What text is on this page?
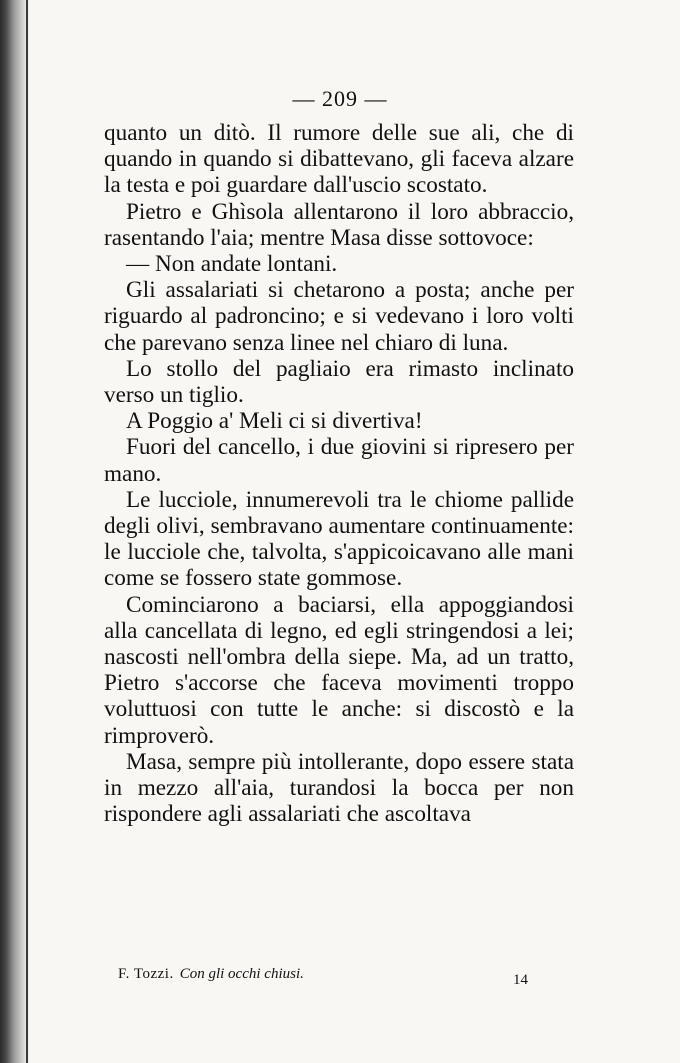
— 209 —

quanto un ditò. Il rumore delle sue ali, che di quando in quando si dibattevano, gli faceva alzare la testa e poi guardare dall'uscio scostato.

Pietro e Ghìsola allentarono il loro abbraccio, rasentando l'aia; mentre Masa disse sottovoce:

— Non andate lontani.

Gli assalariati si chetarono a posta; anche per riguardo al padroncino; e si vedevano i loro volti che parevano senza linee nel chiaro di luna.

Lo stollo del pagliaio era rimasto inclinato verso un tiglio.

A Poggio a' Meli ci si divertiva!

Fuori del cancello, i due giovini si ripresero per mano.

Le lucciole, innumerevoli tra le chiome pallide degli olivi, sembravano aumentare continuamente: le lucciole che, talvolta, s'appicoicavano alle mani come se fossero state gommose.

Cominciarono a baciarsi, ella appoggiandosi alla cancellata di legno, ed egli stringendosi a lei; nascosti nell'ombra della siepe. Ma, ad un tratto, Pietro s'accorse che faceva movimenti troppo voluttuosi con tutte le anche: si discostò e la rimproverò.

Masa, sempre più intollerante, dopo essere stata in mezzo all'aia, turandosi la bocca per non rispondere agli assalariati che ascoltava

F. Tozzi. Con gli occhi chiusi.	14
